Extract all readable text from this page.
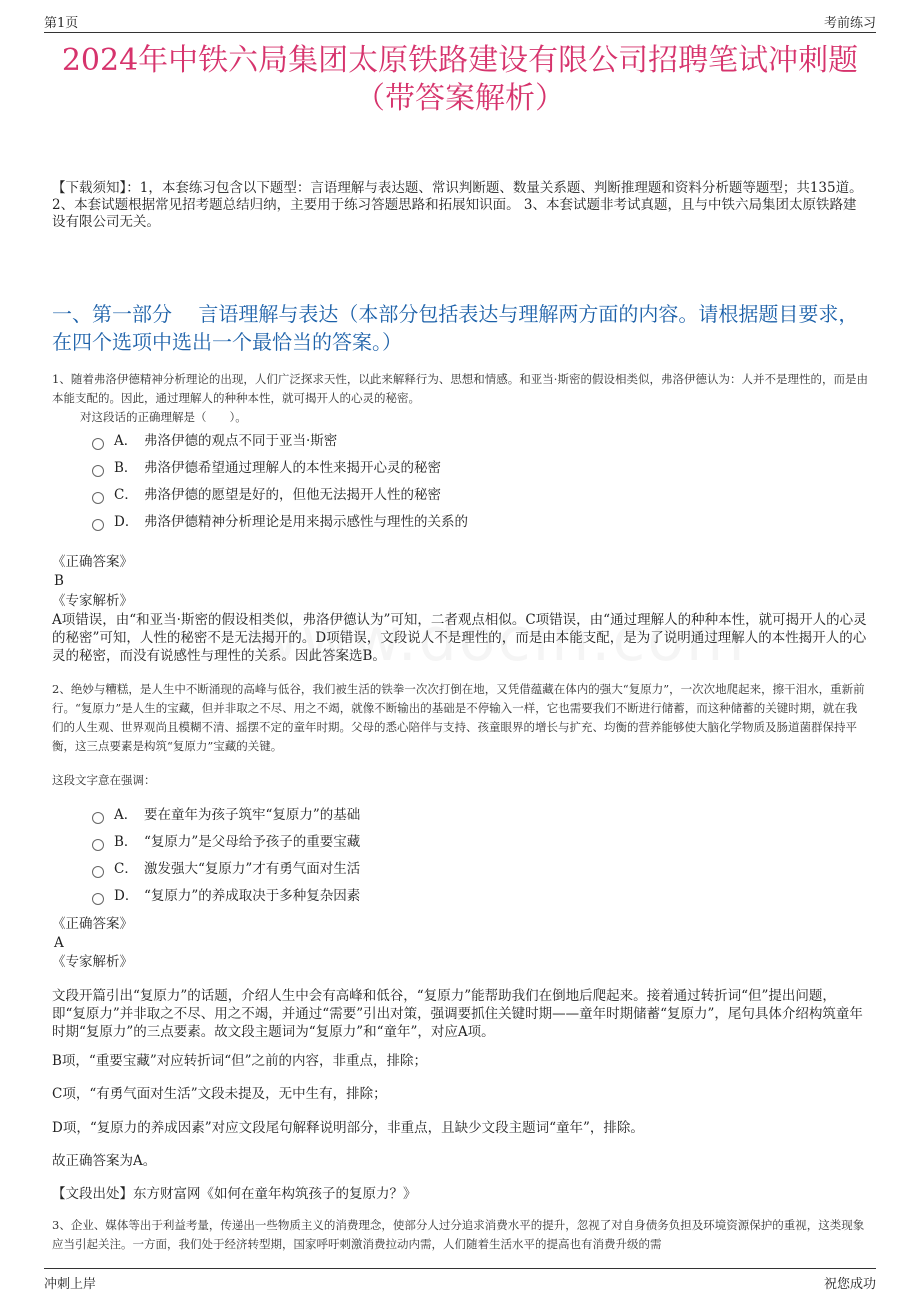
第1页	考前练习
2024年中铁六局集团太原铁路建设有限公司招聘笔试冲刺题
（带答案解析）
【下载须知】：1，本套练习包含以下题型：言语理解与表达题、常识判断题、数量关系题、判断推理题和资料分析题等题型；共135道。 2、本套试题根据常见招考题总结归纳，主要用于练习答题思路和拓展知识面。 3、本套试题非考试真题，且与中铁六局集团太原铁路建设有限公司无关。
一、第一部分　 言语理解与表达（本部分包括表达与理解两方面的内容。请根据题目要求，在四个选项中选出一个最恰当的答案。）
1、随着弗洛伊德精神分析理论的出现，人们广泛探求天性，以此来解释行为、思想和情感。和亚当·斯密的假设相类似，弗洛伊德认为：人并不是理性的，而是由本能支配的。因此，通过理解人的种种本性，就可揭开人的心灵的秘密。
对这段话的正确理解是（　　）。
A． 弗洛伊德的观点不同于亚当·斯密
B． 弗洛伊德希望通过理解人的本性来揭开心灵的秘密
C． 弗洛伊德的愿望是好的，但他无法揭开人性的秘密
D． 弗洛伊德精神分析理论是用来揭示感性与理性的关系的
《正确答案》
B
《专家解析》
A项错误，由“和亚当·斯密的假设相类似，弗洛伊德认为”可知，二者观点相似。C项错误，由“通过理解人的种种本性，就可揭开人的心灵的秘密”可知，人性的秘密不是无法揭开的。D项错误，文段说人不是理性的，而是由本能支配，是为了说明通过理解人的本性揭开人的心灵的秘密，而没有说感性与理性的关系。因此答案选B。
2、绝妙与糟糕，是人生中不断涌现的高峰与低谷，我们被生活的铁拳一次次打倒在地，又凭借蕴藏在体内的强大“复原力”，一次次地爬起来，擦干泪水，重新前行。“复原力”是人生的宝藏，但并非取之不尽、用之不竭，就像不断输出的基础是不停输入一样，它也需要我们不断进行储蓄，而这种储蓄的关键时期，就在我们的人生观、世界观尚且模糊不清、摇摆不定的童年时期。父母的悉心陪伴与支持、孩童眼界的增长与扩充、均衡的营养能够使大脑化学物质及肠道菌群保持平衡，这三点要素是构筑“复原力”宝藏的关键。
这段文字意在强调：
A． 要在童年为孩子筑牢“复原力”的基础
B． “复原力”是父母给予孩子的重要宝藏
C． 激发强大“复原力”才有勇气面对生活
D． “复原力”的养成取决于多种复杂因素
《正确答案》
A
《专家解析》
文段开篇引出“复原力”的话题，介绍人生中会有高峰和低谷，“复原力”能帮助我们在倒地后爬起来。接着通过转折词“但”提出问题，即“复原力”并非取之不尽、用之不竭，并通过“需要”引出对策，强调要抓住关键时期——童年时期储蓄“复原力”，尾句具体介绍构筑童年时期“复原力”的三点要素。故文段主题词为“复原力”和“童年”，对应A项。
B项，“重要宝藏”对应转折词“但”之前的内容，非重点，排除；
C项，“有勇气面对生活”文段未提及，无中生有，排除；
D项，“复原力的养成因素”对应文段尾句解释说明部分，非重点，且缺少文段主题词“童年”，排除。
故正确答案为A。
【文段出处】东方财富网《如何在童年构筑孩子的复原力？》
3、企业、媒体等出于利益考量，传递出一些物质主义的消费理念，使部分人过分追求消费水平的提升，忽视了对自身债务负担及环境资源保护的重视，这类现象应当引起关注。一方面，我们处于经济转型期，国家呼吁刺激消费拉动内需，人们随着生活水平的提高也有消费升级的需
冲刺上岸	祝您成功
